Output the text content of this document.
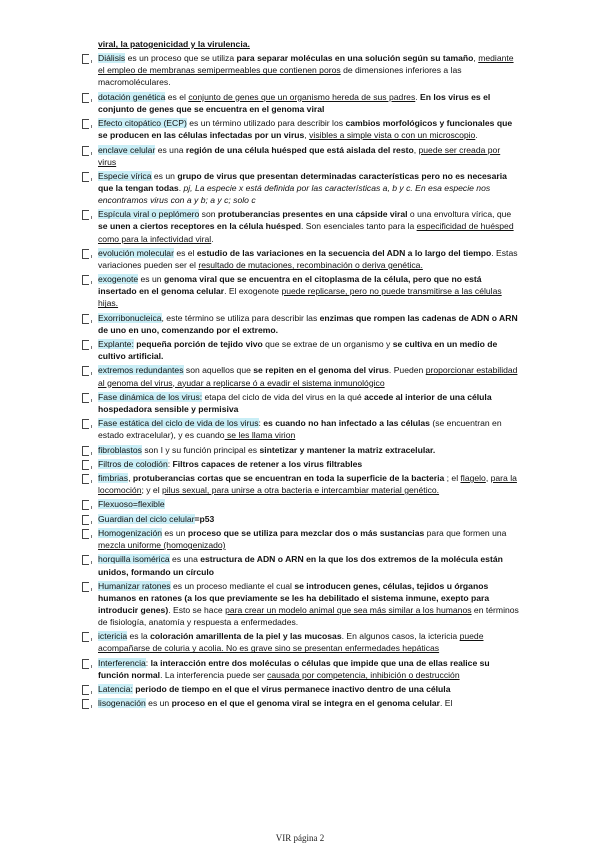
viral, la patogenicidad y la virulencia.
Diálisis es un proceso que se utiliza para separar moléculas en una solución según su tamaño, mediante el empleo de membranas semipermeables que contienen poros de dimensiones inferiores a las macromoléculares.
dotación genética es el conjunto de genes que un organismo hereda de sus padres. En los virus es el conjunto de genes que se encuentra en el genoma viral
Efecto citopático (ECP) es un término utilizado para describir los cambios morfológicos y funcionales que se producen en las células infectadas por un virus, visibles a simple vista o con un microscopio.
enclave celular es una región de una célula huésped que está aislada del resto, puede ser creada por virus
Especie vírica es un grupo de virus que presentan determinadas características pero no es necesaria que la tengan todas. pj, La especie x está definida por las características a, b y c. En esa especie nos encontramos virus con a y b; a y c; solo c
Espícula viral o peplómero son protuberancias presentes en una cápside viral o una envoltura vírica, que se unen a ciertos receptores en la célula huésped. Son esenciales tanto para la especificidad de huésped como para la infectividad viral.
evolución molecular es el estudio de las variaciones en la secuencia del ADN a lo largo del tiempo. Estas variaciones pueden ser el resultado de mutaciones, recombinación o deriva genética.
exogenote es un genoma viral que se encuentra en el citoplasma de la célula, pero que no está insertado en el genoma celular. El exogenote puede replicarse, pero no puede transmitirse a las células hijas.
Exorribonucleica, este término se utiliza para describir las enzimas que rompen las cadenas de ADN o ARN de uno en uno, comenzando por el extremo.
Explante: pequeña porción de tejido vivo que se extrae de un organismo y se cultiva en un medio de cultivo artificial.
extremos redundantes son aquellos que se repiten en el genoma del virus. Pueden proporcionar estabilidad al genoma del virus, ayudar a replicarse ó a evadir el sistema inmunológico
Fase dinámica de los virus: etapa del ciclo de vida del virus en la qué accede al interior de una célula hospedadora sensible y permisiva
Fase estática del ciclo de vida de los virus: es cuando no han infectado a las células (se encuentran en estado extracelular), y es cuando se les llama virion
fibroblastos son I y su función principal es sintetizar y mantener la matriz extracelular.
Filtros de colodión: Filtros capaces de retener a los virus filtrables
fimbrias, protuberancias cortas que se encuentran en toda la superficie de la bacteria ; el flagelo, para la locomoción; y el pilus sexual, para unirse a otra bacteria e intercambiar material genético.
Flexuoso=flexible
Guardian del ciclo celular=p53
Homogenización es un proceso que se utiliza para mezclar dos o más sustancias para que formen una mezcla uniforme (homogenizado)
horquilla isomérica es una estructura de ADN o ARN en la que los dos extremos de la molécula están unidos, formando un círculo
Humanizar ratones es un proceso mediante el cual se introducen genes, células, tejidos u órganos humanos en ratones (a los que previamente se les ha debilitado el sistema inmune, exepto para introducir genes). Esto se hace para crear un modelo animal que sea más similar a los humanos en términos de fisiología, anatomía y respuesta a enfermedades.
ictericia es la coloración amarillenta de la piel y las mucosas. En algunos casos, la ictericia puede acompañarse de coluria y acolia. No es grave sino se presentan enfermedades hepáticas
Interferencia: la interacción entre dos moléculas o células que impide que una de ellas realice su función normal. La interferencia puede ser causada por competencia, inhibición o destrucción
Latencia: periodo de tiempo en el que el virus permanece inactivo dentro de una célula
lisogenación es un proceso en el que el genoma viral se integra en el genoma celular. El
VIR página 2
